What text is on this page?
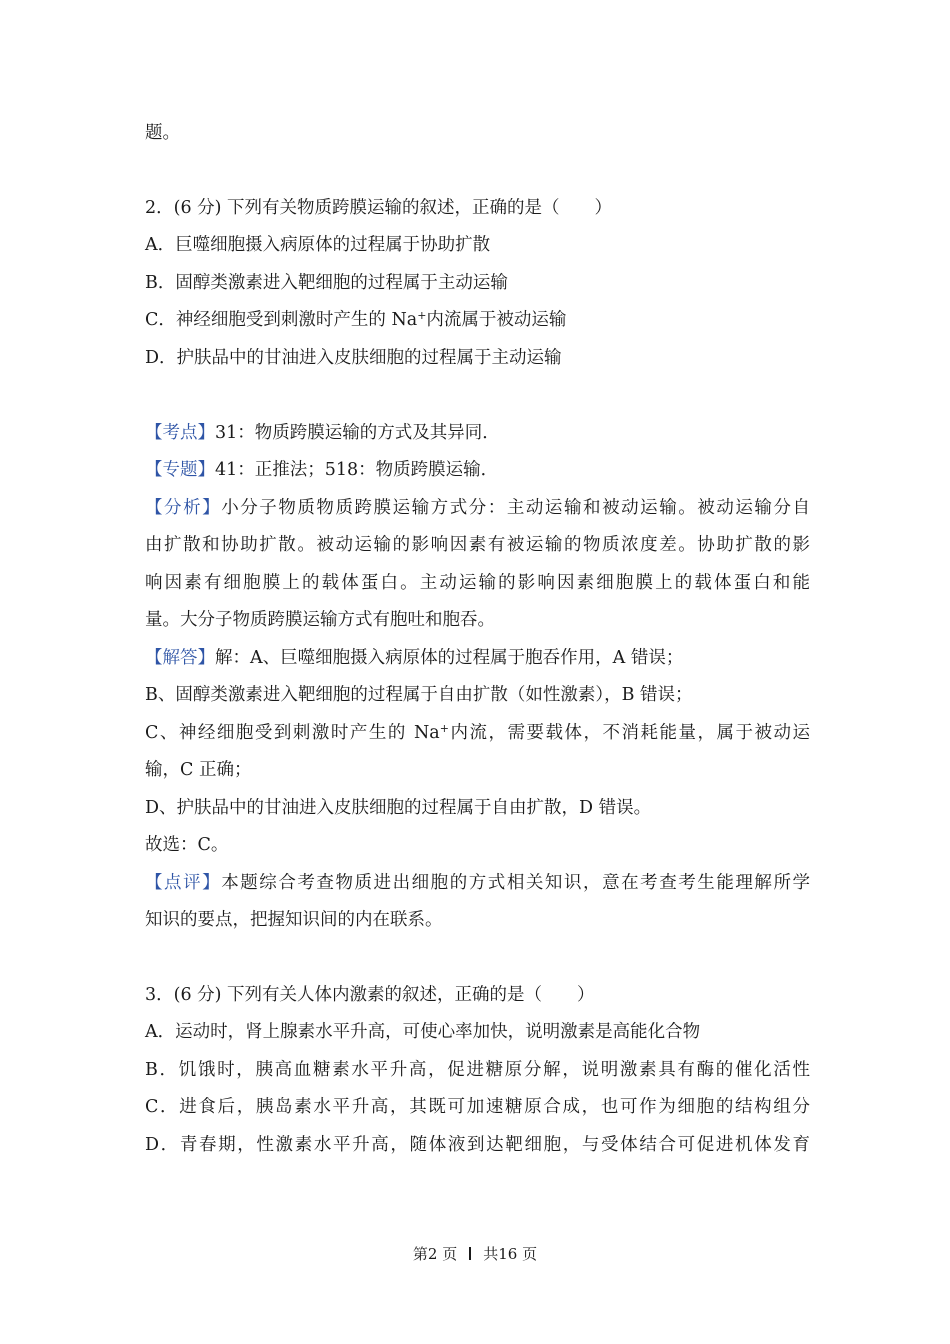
题。
2．(6 分) 下列有关物质跨膜运输的叙述，正确的是（　　）
A．巨噬细胞摄入病原体的过程属于协助扩散
B．固醇类激素进入靶细胞的过程属于主动运输
C．神经细胞受到刺激时产生的 Na+内流属于被动运输
D．护肤品中的甘油进入皮肤细胞的过程属于主动运输
【考点】31：物质跨膜运输的方式及其异同．
【专题】41：正推法；518：物质跨膜运输．
【分析】小分子物质物质跨膜运输方式分：主动运输和被动运输。被动运输分自
由扩散和协助扩散。被动运输的影响因素有被运输的物质浓度差。协助扩散的影
响因素有细胞膜上的载体蛋白。主动运输的影响因素细胞膜上的载体蛋白和能
量。大分子物质跨膜运输方式有胞吐和胞吞。
【解答】解：A、巨噬细胞摄入病原体的过程属于胞吞作用，A 错误；
B、固醇类激素进入靶细胞的过程属于自由扩散（如性激素），B 错误；
C、神经细胞受到刺激时产生的 Na+内流，需要载体，不消耗能量，属于被动运
输，C 正确；
D、护肤品中的甘油进入皮肤细胞的过程属于自由扩散，D 错误。
故选：C。
【点评】本题综合考查物质进出细胞的方式相关知识，意在考查考生能理解所学
知识的要点，把握知识间的内在联系。
3．(6 分) 下列有关人体内激素的叙述，正确的是（　　）
A．运动时，肾上腺素水平升高，可使心率加快，说明激素是高能化合物
B．饥饿时，胰高血糖素水平升高，促进糖原分解，说明激素具有酶的催化活性
C．进食后，胰岛素水平升高，其既可加速糖原合成，也可作为细胞的结构组分
D．青春期，性激素水平升高，随体液到达靶细胞，与受体结合可促进机体发育
第2 页 共16 页
